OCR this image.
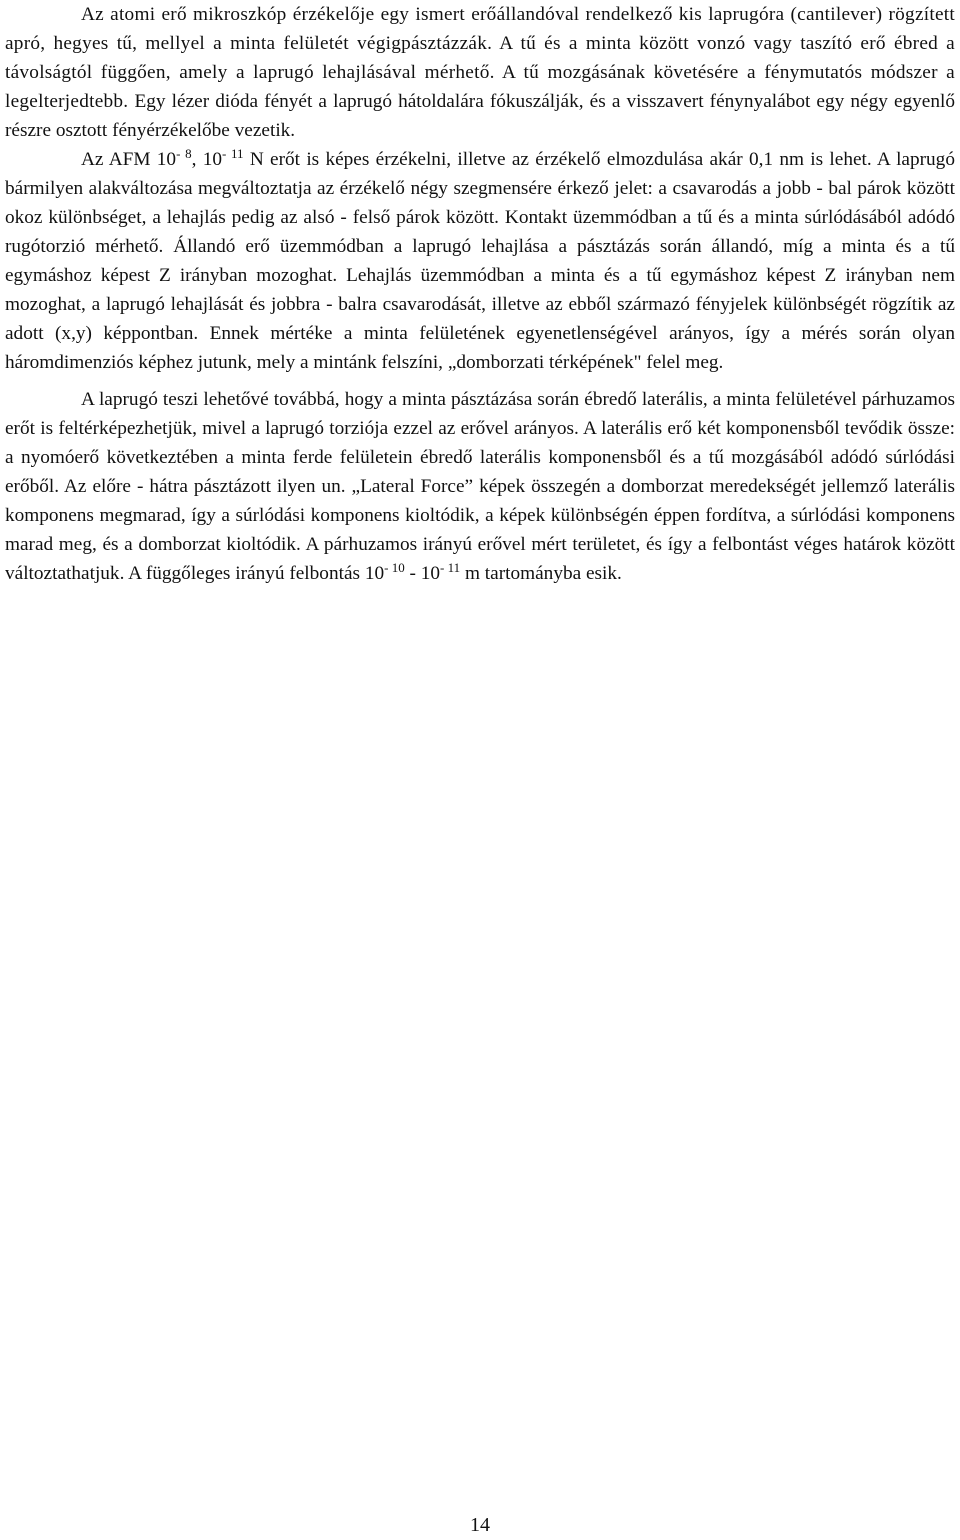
Az atomi erő mikroszkóp érzékelője egy ismert erőállandóval rendelkező kis laprugóra (cantilever) rögzített apró, hegyes tű, mellyel a minta felületét végigpásztázzák. A tű és a minta között vonzó vagy taszító erő ébred a távolságtól függően, amely a laprugó lehajlásával mérhető. A tű mozgásának követésére a fénymutatós módszer a legelterjedtebb. Egy lézer dióda fényét a laprugó hátoldalára fókuszálják, és a visszavert fénynyalábot egy négy egyenlő részre osztott fényérzékelőbe vezetik.

Az AFM $10^{- 8}$, $10^{- 11}$ N erőt is képes érzékelni, illetve az érzékelő elmozdulása akár 0,1 nm is lehet. A laprugó bármilyen alakváltozása megváltoztatja az érzékelő négy szegmensére érkező jelet: a csavarodás a jobb - bal párok között okoz különbséget, a lehajlás pedig az alsó - felső párok között. Kontakt üzemmódban a tű és a minta súrlódásából adódó rugótorzió mérhető. Állandó erő üzemmódban a laprugó lehajlása a pásztázás során állandó, míg a minta és a tű egymáshoz képest Z irányban mozoghat. Lehajlás üzemmódban a minta és a tű egymáshoz képest Z irányban nem mozoghat, a laprugó lehajlását és jobbra - balra csavarodását, illetve az ebből származó fényjelek különbségét rögzítik az adott (x,y) képpontban. Ennek mértéke a minta felületének egyenetlenségével arányos, így a mérés során olyan háromdimenziós képhez jutunk, mely a mintánk felszíni, „domborzati térképének" felel meg.

A laprugó teszi lehetővé továbbá, hogy a minta pásztázása során ébredő laterális, a minta felületével párhuzamos erőt is feltérképezhetjük, mivel a laprugó torziója ezzel az erővel arányos. A laterális erő két komponensből tevődik össze: a nyomóerő következtében a minta ferde felületein ébredő laterális komponensből és a tű mozgásából adódó súrlódási erőből. Az előre - hátra pásztázott ilyen un. „Lateral Force” képek összegén a domborzat meredekségét jellemző laterális komponens megmarad, így a súrlódási komponens kioltódik, a képek különbségén éppen fordítva, a súrlódási komponens marad meg, és a domborzat kioltódik. A párhuzamos irányú erővel mért területet, és így a felbontást véges határok között változtathatjuk. A függőleges irányú felbontás $10^{- 10} - 10^{- 11}$ m tartományba esik.

14
